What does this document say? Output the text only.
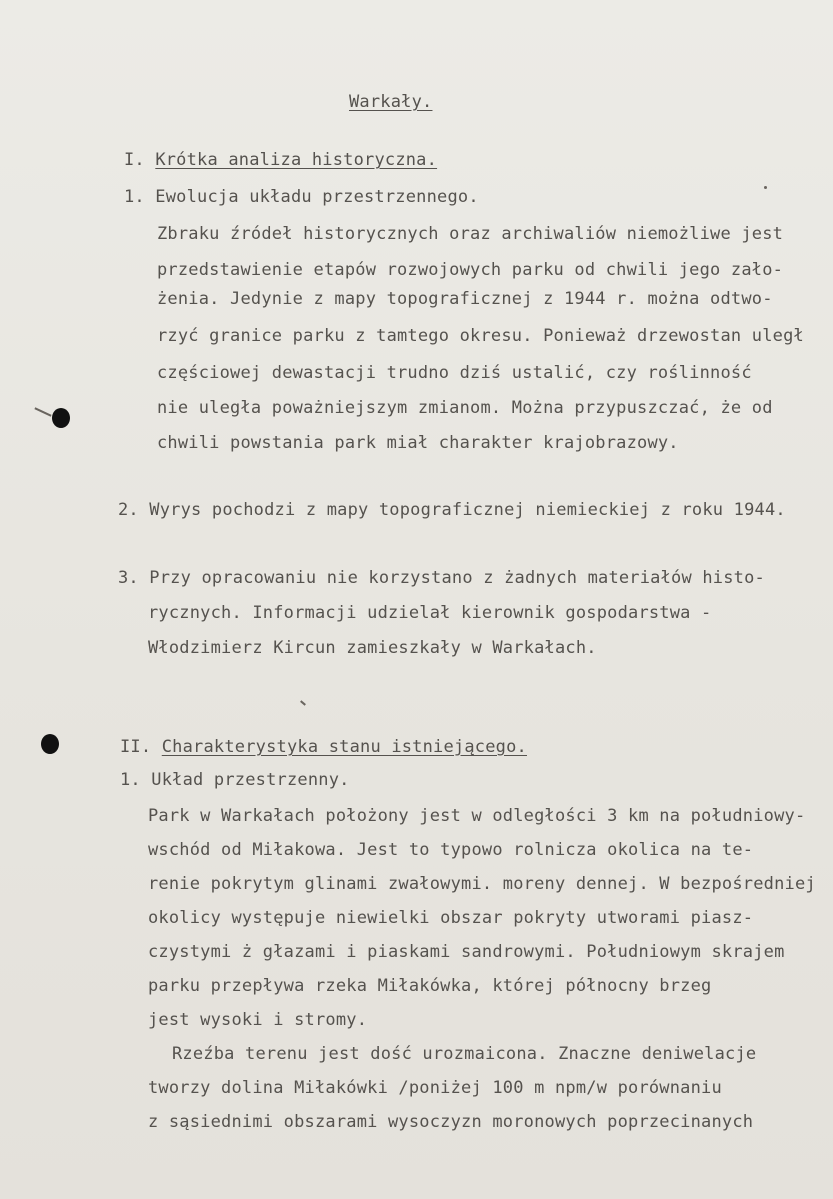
Warkały.
I. Krótka analiza historyczna.
1. Ewolucja układu przestrzennego.
Zbraku źródeł historycznych oraz archiwaliów niemożliwe jest
przedstawienie etapów rozwojowych parku od chwili jego zało-
żenia. Jedynie z mapy topograficznej z 1944 r. można odtwo-
rzyć granice parku z tamtego okresu. Ponieważ drzewostan uległ
częściowej dewastacji trudno dziś ustalić, czy roślinność
nie uległa poważniejszym zmianom. Można przypuszczać, że od
chwili powstania park miał charakter krajobrazowy.
2. Wyrys pochodzi z mapy topograficznej niemieckiej z roku 1944.
3. Przy opracowaniu nie korzystano z żadnych materiałów histo-
rycznych. Informacji udzielał kierownik gospodarstwa -
Włodzimierz Kircun zamieszkały w Warkałach.
II. Charakterystyka stanu istniejącego.
1. Układ przestrzenny.
Park w Warkałach położony jest w odległości 3 km na południowy-
wschód od Miłakowa. Jest to typowo rolnicza okolica na te-
renie pokrytym glinami zwałowymi. moreny dennej. W bezpośredniej
okolicy występuje niewielki obszar pokryty utworami piasz-
czystymi ż głazami i piaskami sandrowymi. Południowym skrajem
parku przepływa rzeka Miłakówka, której północny brzeg
jest wysoki i stromy.
Rzeźba terenu jest dość urozmaicona. Znaczne deniwelacje
tworzy dolina Miłakówki /poniżej 100 m npm/w porównaniu
z sąsiednimi obszarami wysoczyzn moronowych poprzecinanych
